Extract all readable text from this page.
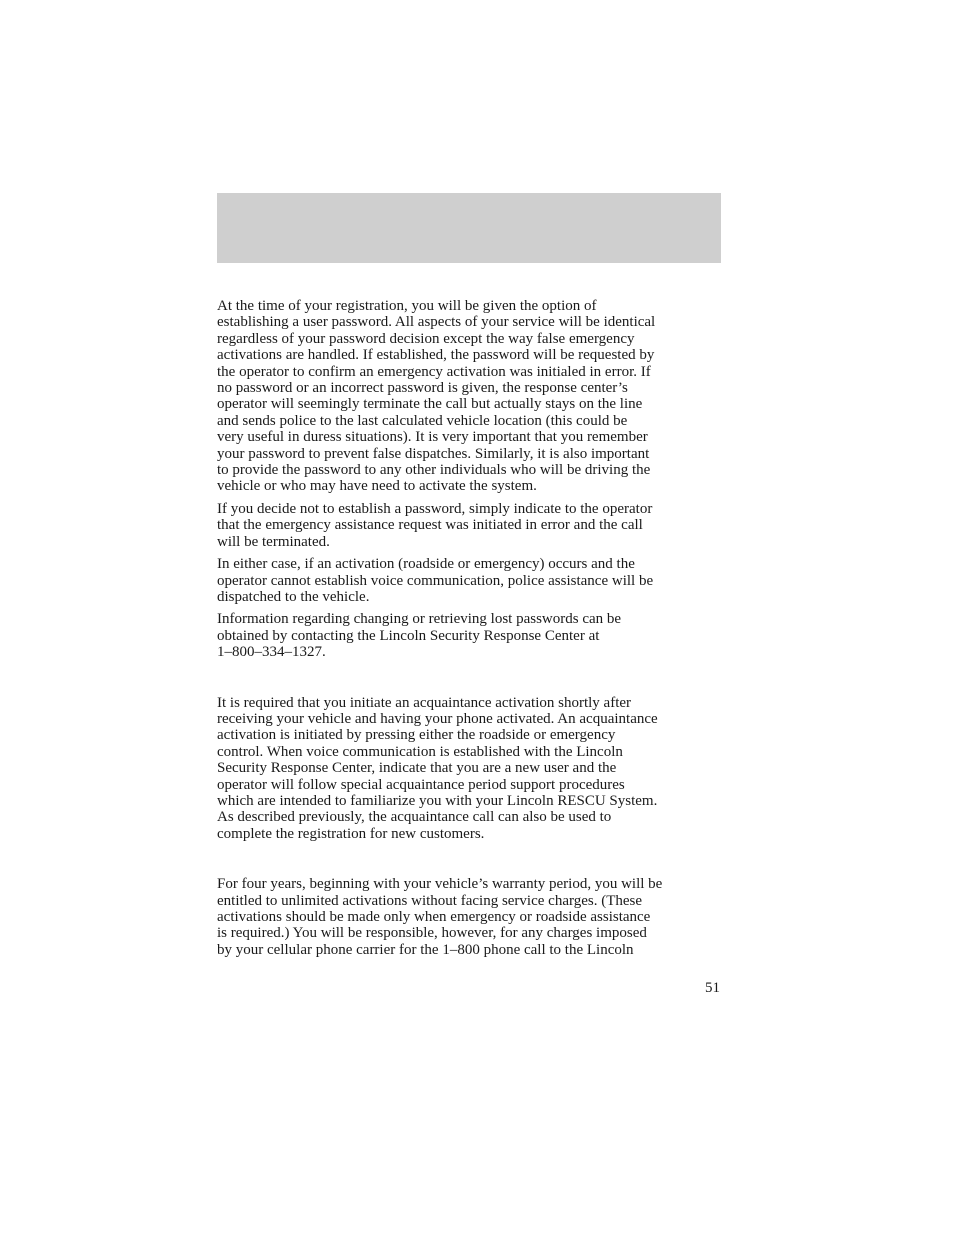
At the time of your registration, you will be given the option of
establishing a user password. All aspects of your service will be identical
regardless of your password decision except the way false emergency
activations are handled. If established, the password will be requested by
the operator to confirm an emergency activation was initialed in error. If
no password or an incorrect password is given, the response center’s
operator will seemingly terminate the call but actually stays on the line
and sends police to the last calculated vehicle location (this could be
very useful in duress situations). It is very important that you remember
your password to prevent false dispatches. Similarly, it is also important
to provide the password to any other individuals who will be driving the
vehicle or who may have need to activate the system.

If you decide not to establish a password, simply indicate to the operator
that the emergency assistance request was initiated in error and the call
will be terminated.

In either case, if an activation (roadside or emergency) occurs and the
operator cannot establish voice communication, police assistance will be
dispatched to the vehicle.

Information regarding changing or retrieving lost passwords can be
obtained by contacting the Lincoln Security Response Center at
1–800–334–1327.

It is required that you initiate an acquaintance activation shortly after
receiving your vehicle and having your phone activated. An acquaintance
activation is initiated by pressing either the roadside or emergency
control. When voice communication is established with the Lincoln
Security Response Center, indicate that you are a new user and the
operator will follow special acquaintance period support procedures
which are intended to familiarize you with your Lincoln RESCU System.
As described previously, the acquaintance call can also be used to
complete the registration for new customers.

For four years, beginning with your vehicle’s warranty period, you will be
entitled to unlimited activations without facing service charges. (These
activations should be made only when emergency or roadside assistance
is required.) You will be responsible, however, for any charges imposed
by your cellular phone carrier for the 1–800 phone call to the Lincoln

51
